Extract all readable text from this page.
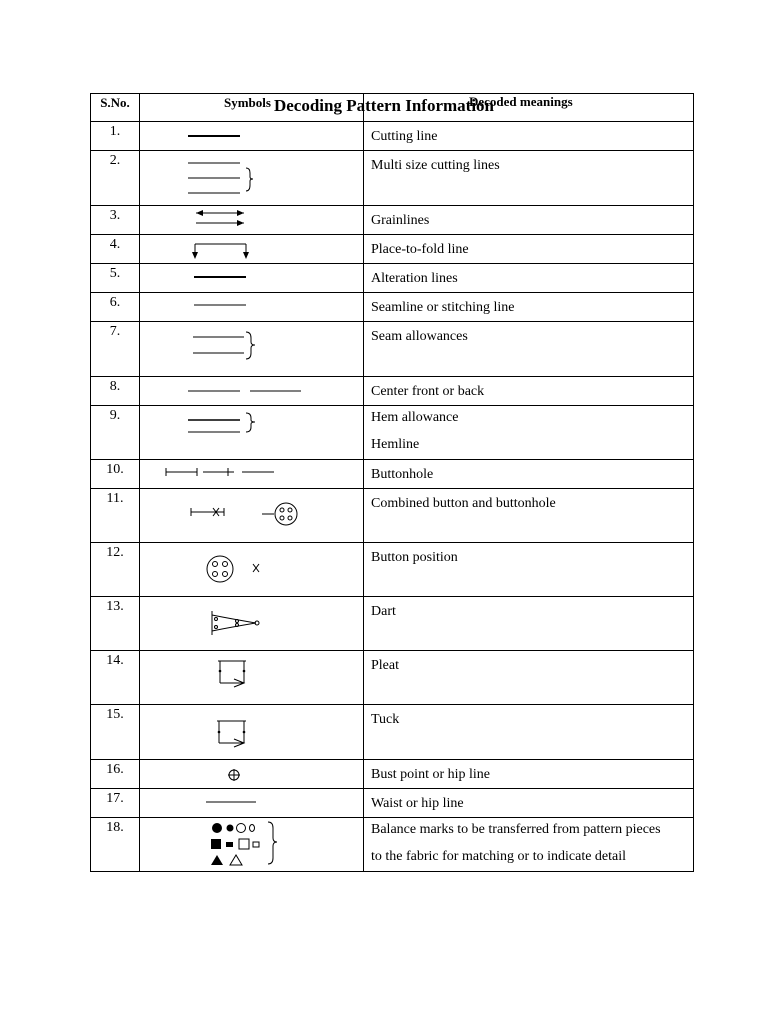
Decoding Pattern Information
S.No.	Symbols	Decoded meanings
1.		Cutting line
2.		Multi size cutting lines
3.		Grainlines
4.		Place-to-fold line
5.		Alteration lines
6.		Seamline or stitching line
7.		Seam allowances
8.		Center front or back
9.		Hem allowance
Hemline

10.		Buttonhole
11.		Combined button and buttonhole
12.		Button position
13.		Dart
14.		Pleat
15.		Tuck
16.		Bust point or hip line
17.		Waist or hip line
18.		Balance marks to be transferred from pattern pieces
to the fabric for matching or to indicate detail
